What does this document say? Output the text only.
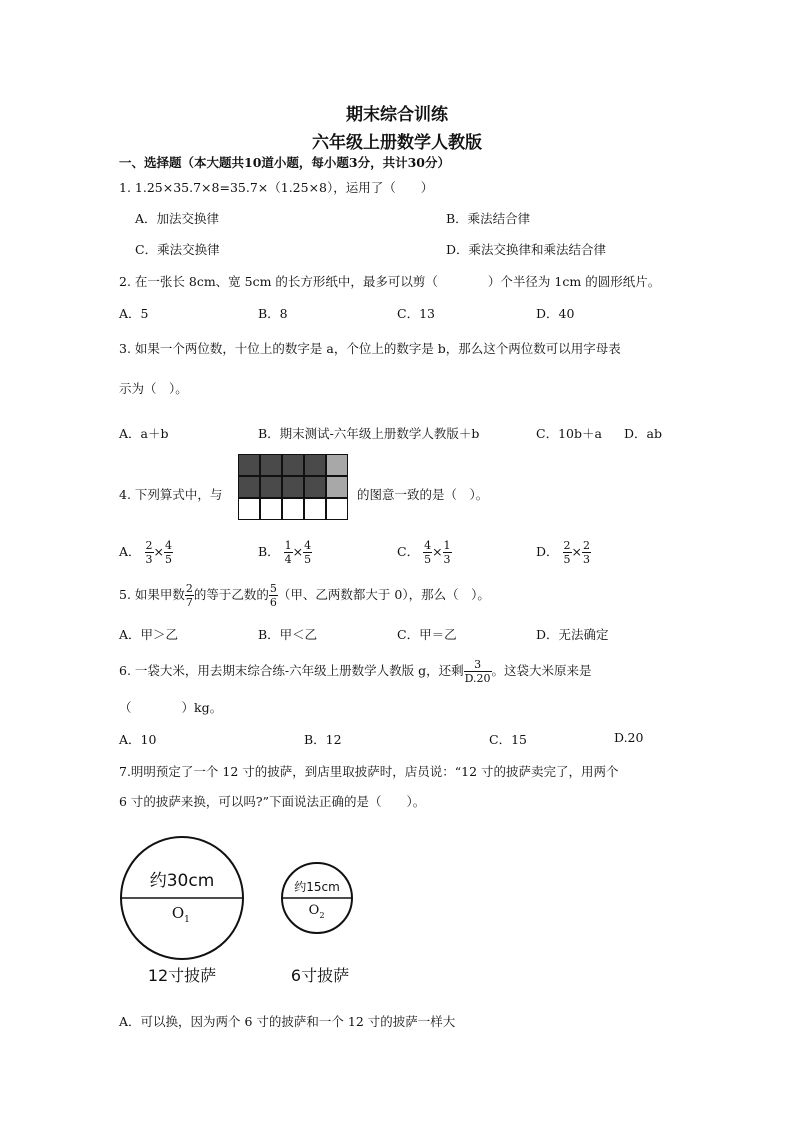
期末综合训练
六年级上册数学人教版
一、选择题（本大题共10道小题，每小题3分，共计30分）
1. 1.25×35.7×8=35.7×（1.25×8），运用了（　　）
A．加法交换律	B．乘法结合律
C．乘法交换律	D．乘法交换律和乘法结合律
2. 在一张长 8cm、宽 5cm 的长方形纸中，最多可以剪（　　　　）个半径为 1cm 的圆形纸片。
A．5	B．8	C．13	D．40
3. 如果一个两位数，十位上的数字是 a，个位上的数字是 b，那么这个两位数可以用字母表
示为（　）。
A．a＋b	B．期末测试-六年级上册数学人教版＋b	C．10b＋a D．ab
4. 下列算式中，与	的图意一致的是（　）。
A． $\frac{2}{3} \times \frac{4}{5}$	B． $\frac{1}{4} \times \frac{4}{5}$	C． $\frac{4}{5} \times \frac{1}{3}$	D． $\frac{2}{5} \times \frac{2}{3}$
5. 如果甲数 $\frac{2}{7}$ 的等于乙数的 $\frac{5}{6}$ （甲、乙两数都大于 0），那么（　）。
A．甲＞乙	B．甲＜乙	C．甲＝乙	D．无法确定
6. 一袋大米，用去期末综合练-六年级上册数学人教版 g，还剩 $\frac{3}{D.20}$ 。这袋大米原来是
（　　　　）kg。
A．10	B．12	C．15	D.20
7.明明预定了一个 12 寸的披萨，到店里取披萨时，店员说：“12 寸的披萨卖完了，用两个
6 寸的披萨来换，可以吗?”下面说法正确的是（　　）。
约30cm
O 1
约15cm
O 2
12寸披萨	6寸披萨
A．可以换，因为两个 6 寸的披萨和一个 12 寸的披萨一样大
